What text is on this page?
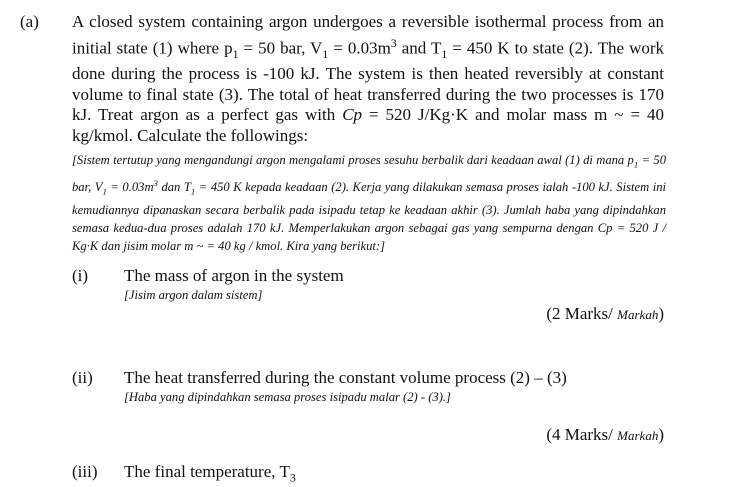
(a) A closed system containing argon undergoes a reversible isothermal process from an initial state (1) where $p_1 = 50$ bar, $V_1 = 0.03m^3$ and $T_1 = 450$ K to state (2). The work done during the process is -100 kJ. The system is then heated reversibly at constant volume to final state (3). The total of heat transferred during the two processes is 170 kJ. Treat argon as a perfect gas with Cp = 520 J/Kg·K and molar mass m ~ = 40 kg/kmol. Calculate the followings:
[Sistem tertutup yang mengandungi argon mengalami proses sesuhu berbalik dari keadaan awal (1) di mana $p_1 = 50$ bar, $V_1 = 0.03m^3$ dan $T_1 = 450$ K kepada keadaan (2). Kerja yang dilakukan semasa proses ialah -100 kJ. Sistem ini kemudiannya dipanaskan secara berbalik pada isipadu tetap ke keadaan akhir (3). Jumlah haba yang dipindahkan semasa kedua-dua proses adalah 170 kJ. Memperlakukan argon sebagai gas yang sempurna dengan Cp = 520 J / Kg·K dan jisim molar m ~ = 40 kg / kmol. Kira yang berikut:]
(i) The mass of argon in the system
[Jisim argon dalam sistem]
(2 Marks/ Markah)
(ii) The heat transferred during the constant volume process (2) – (3)
[Haba yang dipindahkan semasa proses isipadu malar (2) - (3).]
(4 Marks/ Markah)
(iii) The final temperature, $T_3$
